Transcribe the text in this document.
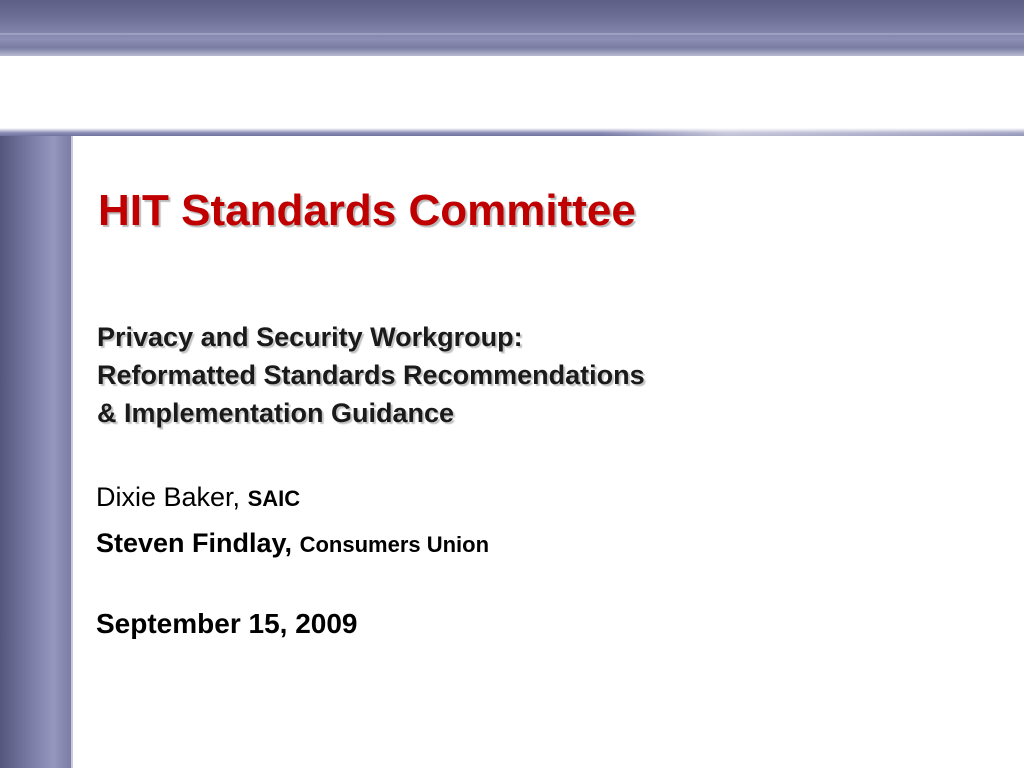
HIT Standards Committee
Privacy and Security Workgroup:
Reformatted Standards Recommendations
& Implementation Guidance

Dixie Baker, SAIC

Steven Findlay, Consumers Union

September 15, 2009
